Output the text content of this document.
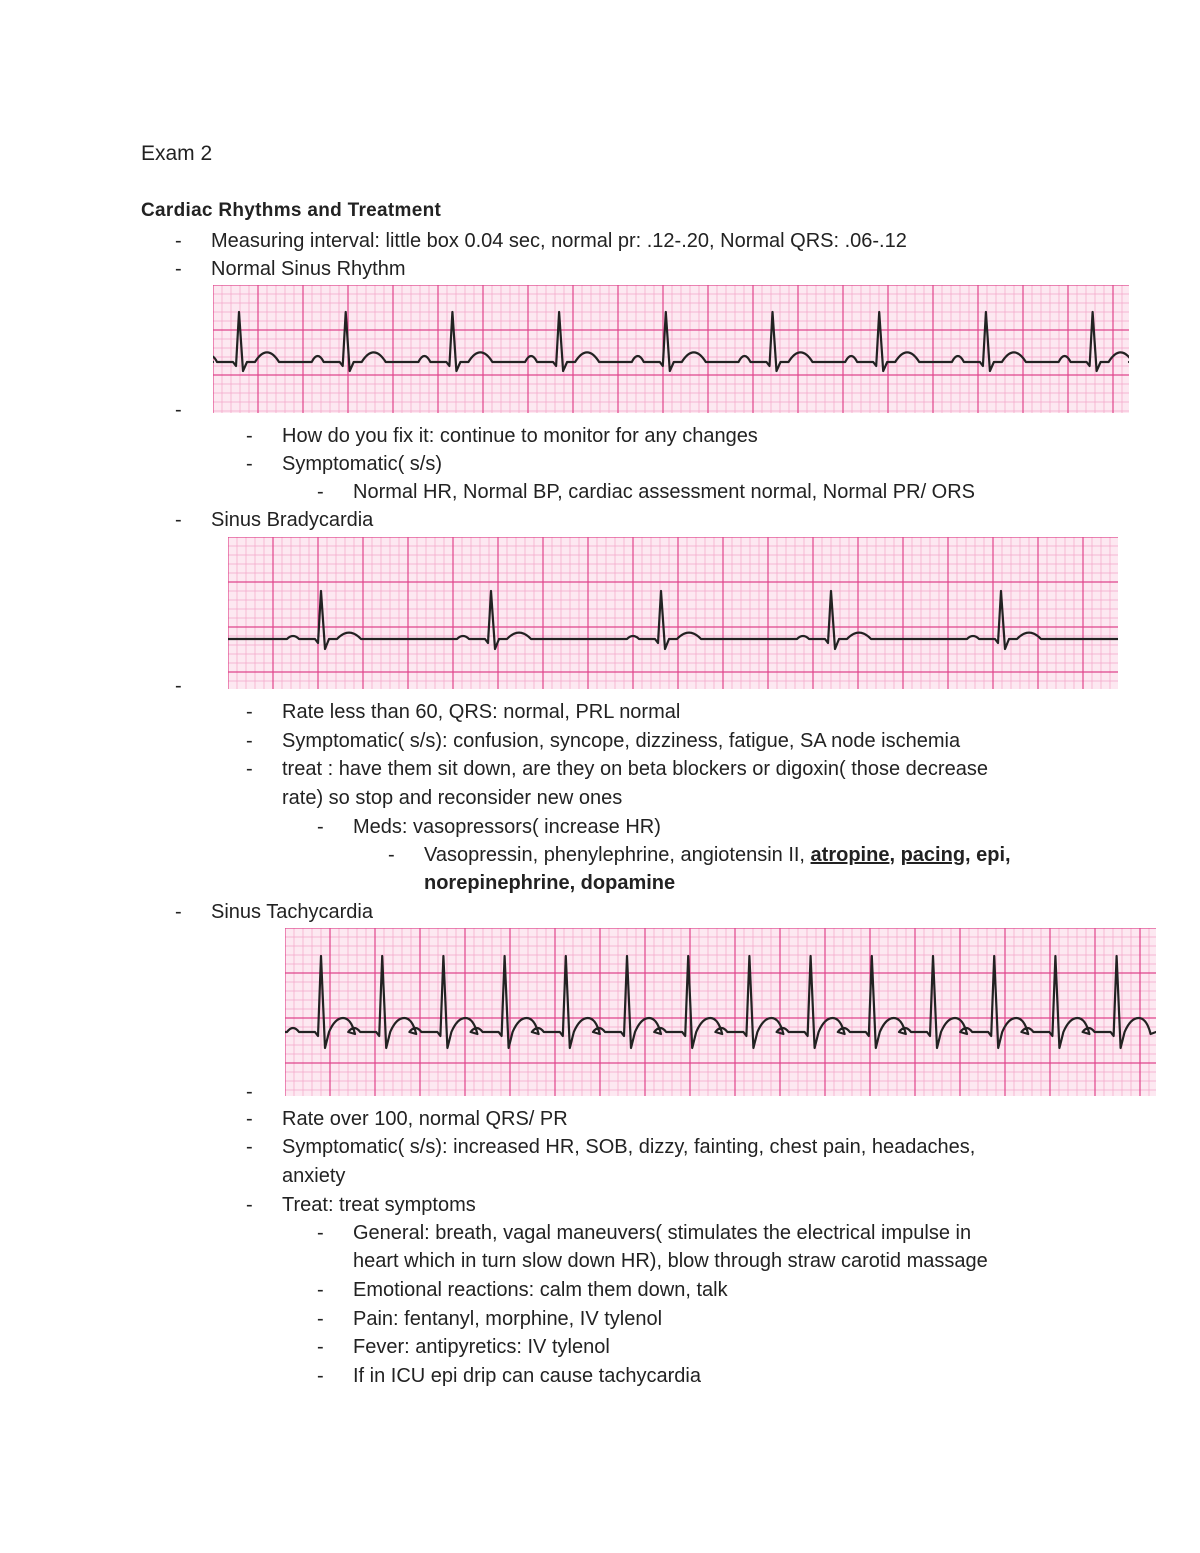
Exam 2
Cardiac Rhythms and Treatment
- Measuring interval: little box 0.04 sec, normal pr: .12-.20, Normal QRS: .06-.12
- Normal Sinus Rhythm
-
- How do you fix it: continue to monitor for any changes
- Symptomatic( s/s)
- Normal HR, Normal BP, cardiac assessment normal, Normal PR/ ORS
- Sinus Bradycardia
-
- Rate less than 60, QRS: normal, PRL normal
- Symptomatic( s/s): confusion, syncope, dizziness, fatigue, SA node ischemia
- treat : have them sit down, are they on beta blockers or digoxin( those decrease
rate) so stop and reconsider new ones
- Meds: vasopressors( increase HR)
- Vasopressin, phenylephrine, angiotensin II, atropine, pacing, epi,
norepinephrine, dopamine
- Sinus Tachycardia
-
- Rate over 100, normal QRS/ PR
- Symptomatic( s/s): increased HR, SOB, dizzy, fainting, chest pain, headaches,
anxiety
- Treat: treat symptoms
- General: breath, vagal maneuvers( stimulates the electrical impulse in
heart which in turn slow down HR), blow through straw carotid massage
- Emotional reactions: calm them down, talk
- Pain: fentanyl, morphine, IV tylenol
- Fever: antipyretics: IV tylenol
- If in ICU epi drip can cause tachycardia
